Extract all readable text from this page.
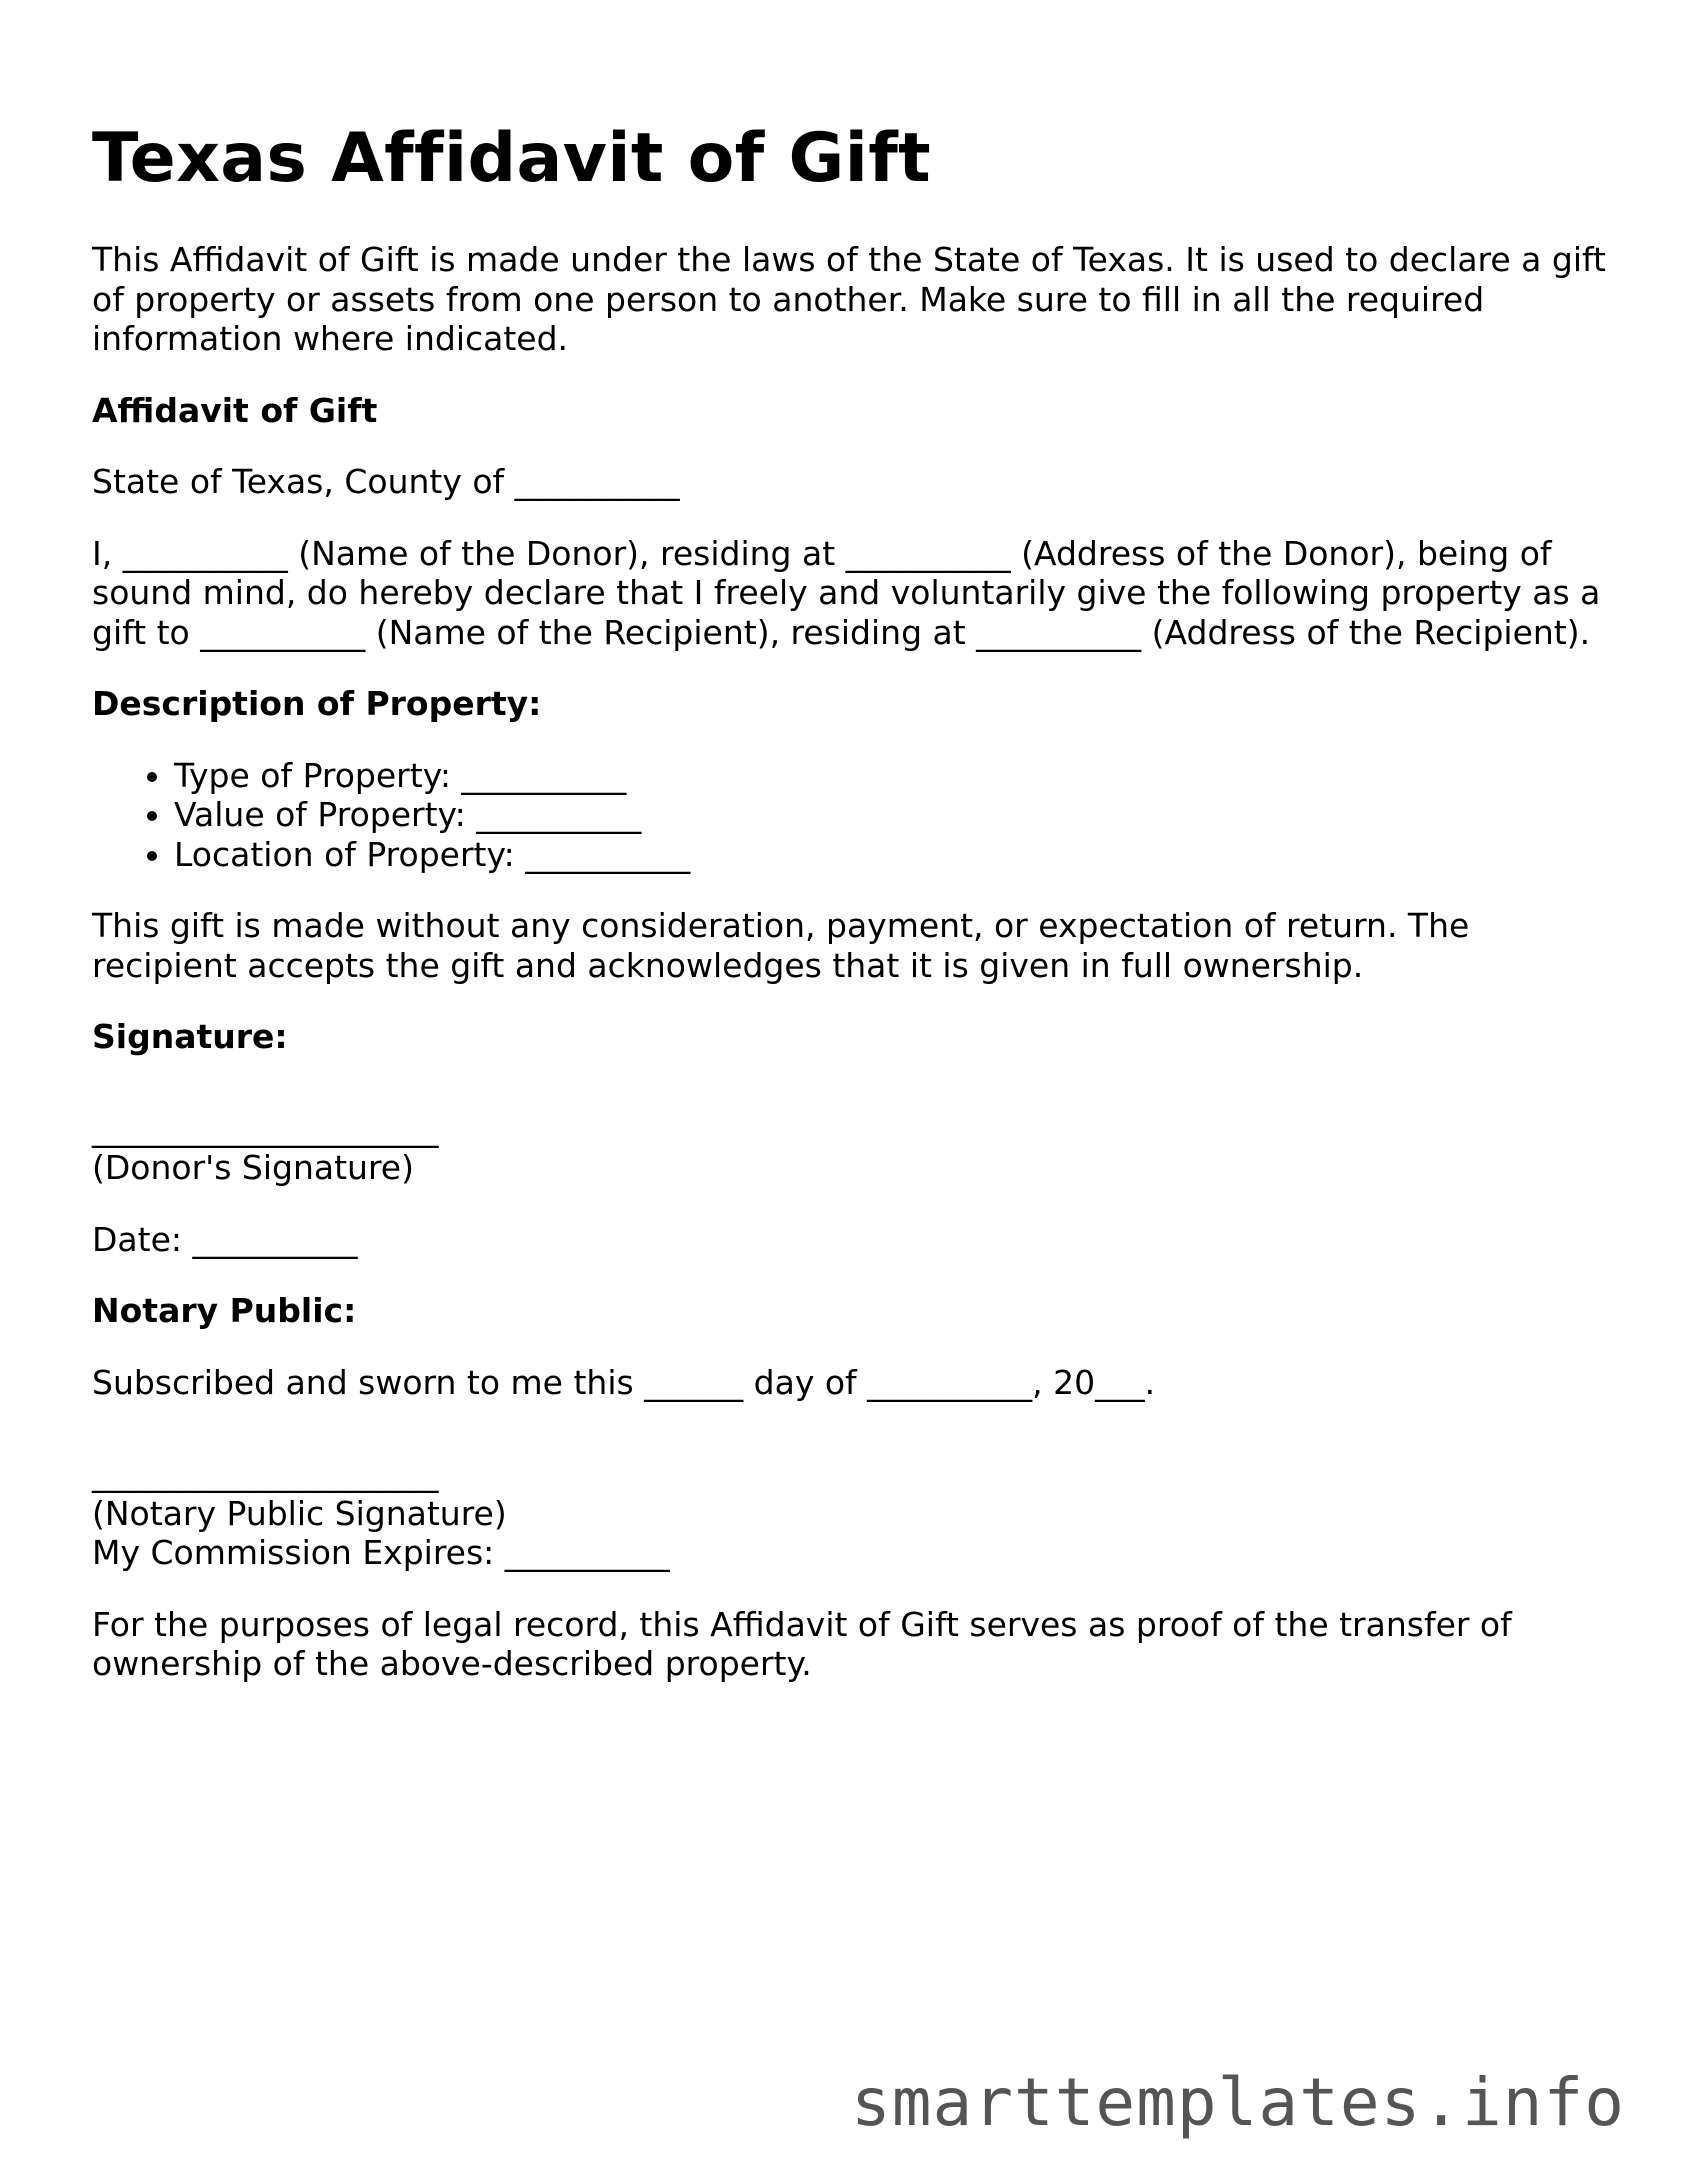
Texas Affidavit of Gift

This Affidavit of Gift is made under the laws of the State of Texas. It is used to declare a gift of property or assets from one person to another. Make sure to fill in all the required information where indicated.

Affidavit of Gift

State of Texas, County of __________

I, __________ (Name of the Donor), residing at __________ (Address of the Donor), being of sound mind, do hereby declare that I freely and voluntarily give the following property as a gift to __________ (Name of the Recipient), residing at __________ (Address of the Recipient).

Description of Property:

• Type of Property: __________
• Value of Property: __________
• Location of Property: __________

This gift is made without any consideration, payment, or expectation of return. The recipient accepts the gift and acknowledges that it is given in full ownership.

Signature:

_____________________

(Donor's Signature)

Date: __________

Notary Public:

Subscribed and sworn to me this ______ day of __________, 20___.

_____________________

(Notary Public Signature)

My Commission Expires: __________

For the purposes of legal record, this Affidavit of Gift serves as proof of the transfer of ownership of the above-described property.

smarttemplates.info
